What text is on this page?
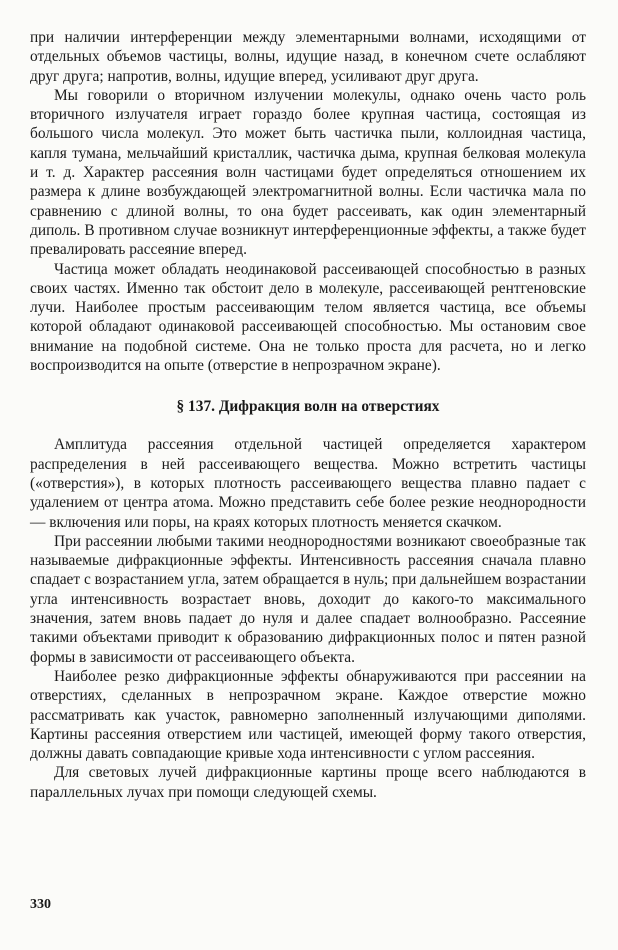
при наличии интерференции между элементарными волнами, исходящими от отдельных объемов частицы, волны, идущие назад, в конечном счете ослабляют друг друга; напротив, волны, идущие вперед, усиливают друг друга.

Мы говорили о вторичном излучении молекулы, однако очень часто роль вторичного излучателя играет гораздо более крупная частица, состоящая из большого числа молекул. Это может быть частичка пыли, коллоидная частица, капля тумана, мельчайший кристаллик, частичка дыма, крупная белковая молекула и т. д. Характер рассеяния волн частицами будет определяться отношением их размера к длине возбуждающей электромагнитной волны. Если частичка мала по сравнению с длиной волны, то она будет рассеивать, как один элементарный диполь. В противном случае возникнут интерференционные эффекты, а также будет превалировать рассеяние вперед.

Частица может обладать неодинаковой рассеивающей способностью в разных своих частях. Именно так обстоит дело в молекуле, рассеивающей рентгеновские лучи. Наиболее простым рассеивающим телом является частица, все объемы которой обладают одинаковой рассеивающей способностью. Мы остановим свое внимание на подобной системе. Она не только проста для расчета, но и легко воспроизводится на опыте (отверстие в непрозрачном экране).

§ 137. Дифракция волн на отверстиях

Амплитуда рассеяния отдельной частицей определяется характером распределения в ней рассеивающего вещества. Можно встретить частицы («отверстия»), в которых плотность рассеивающего вещества плавно падает с удалением от центра атома. Можно представить себе более резкие неоднородности — включения или поры, на краях которых плотность меняется скачком.

При рассеянии любыми такими неоднородностями возникают своеобразные так называемые дифракционные эффекты. Интенсивность рассеяния сначала плавно спадает с возрастанием угла, затем обращается в нуль; при дальнейшем возрастании угла интенсивность возрастает вновь, доходит до какого-то максимального значения, затем вновь падает до нуля и далее спадает волнообразно. Рассеяние такими объектами приводит к образованию дифракционных полос и пятен разной формы в зависимости от рассеивающего объекта.

Наиболее резко дифракционные эффекты обнаруживаются при рассеянии на отверстиях, сделанных в непрозрачном экране. Каждое отверстие можно рассматривать как участок, равномерно заполненный излучающими диполями. Картины рассеяния отверстием или частицей, имеющей форму такого отверстия, должны давать совпадающие кривые хода интенсивности с углом рассеяния.

Для световых лучей дифракционные картины проще всего наблюдаются в параллельных лучах при помощи следующей схемы.

330
